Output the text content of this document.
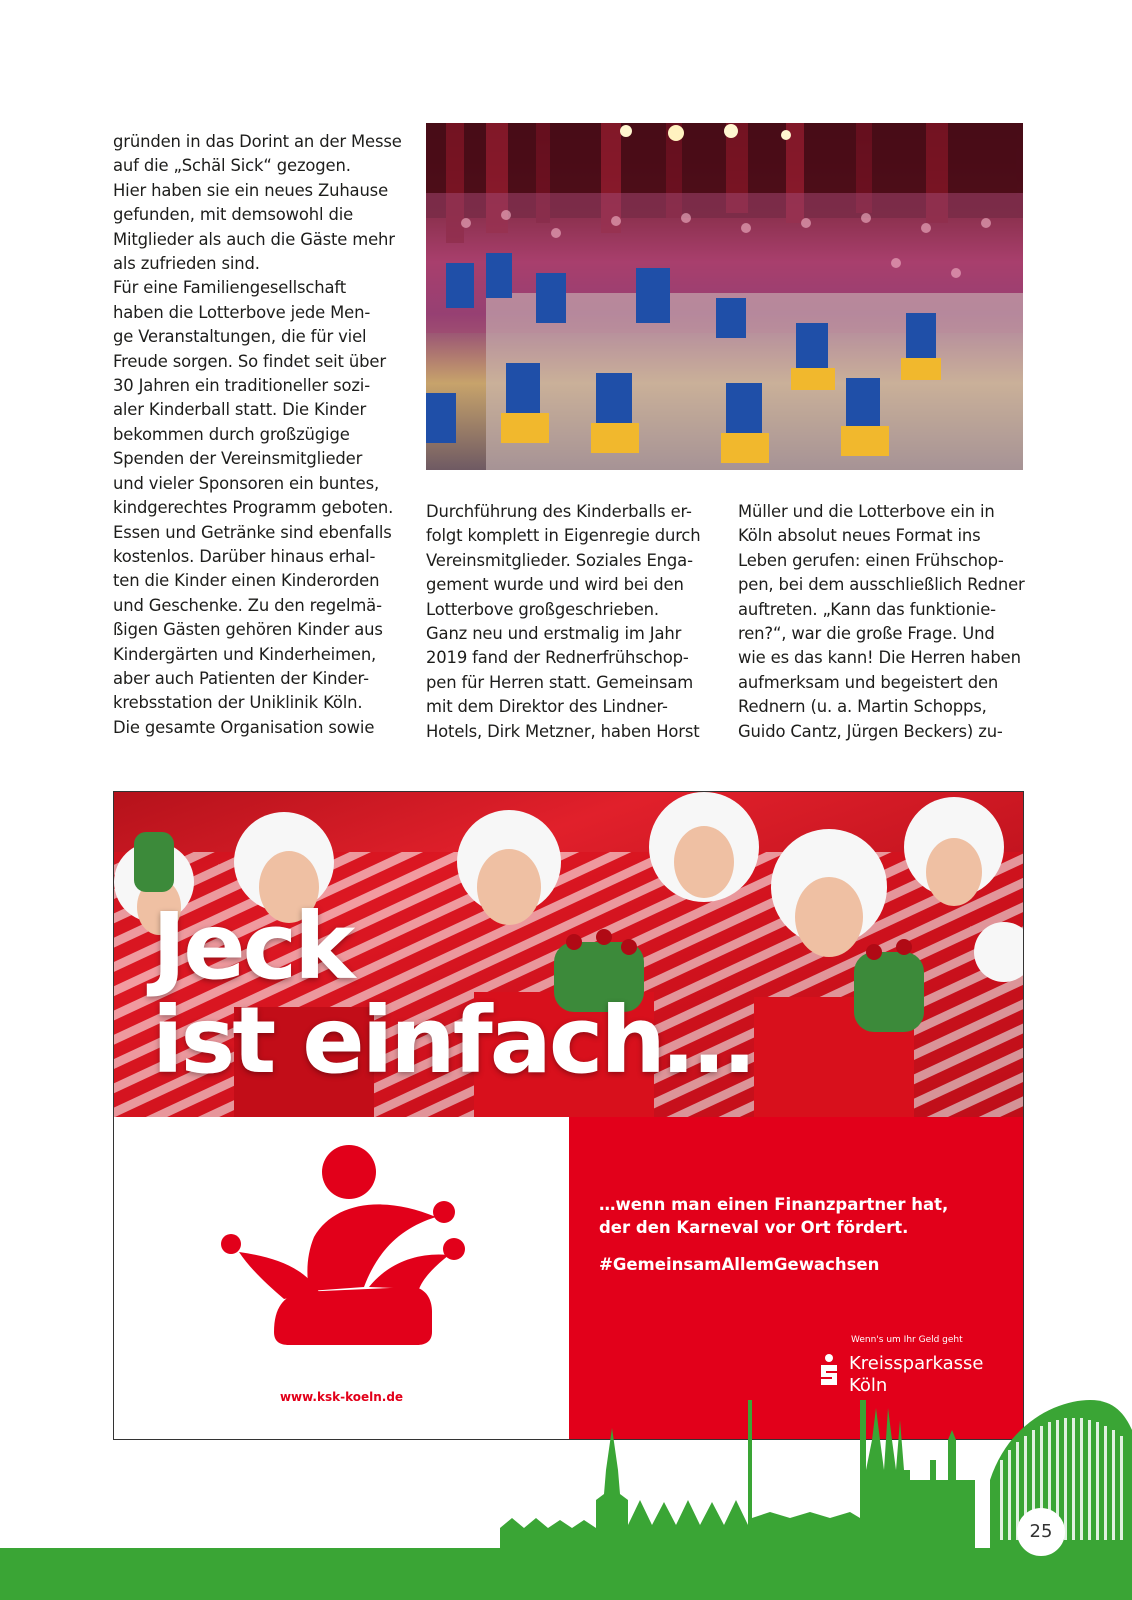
gründen in das Dorint an der Messe
auf die „Schäl Sick“ gezogen.
Hier haben sie ein neues Zuhause
gefunden, mit demsowohl die
Mitglieder als auch die Gäste mehr
als zufrieden sind.
Für eine Familiengesellschaft
haben die Lotterbove jede Men-
ge Veranstaltungen, die für viel
Freude sorgen. So findet seit über
30 Jahren ein traditioneller sozi-
aler Kinderball statt. Die Kinder
bekommen durch großzügige
Spenden der Vereinsmitglieder
und vieler Sponsoren ein buntes,
kindgerechtes Programm geboten.
Essen und Getränke sind ebenfalls
kostenlos. Darüber hinaus erhal-
ten die Kinder einen Kinderorden
und Geschenke. Zu den regelmä-
ßigen Gästen gehören Kinder aus
Kindergärten und Kinderheimen,
aber auch Patienten der Kinder-
krebsstation der Uniklinik Köln.
Die gesamte Organisation sowie
Durchführung des Kinderballs er-
folgt komplett in Eigenregie durch
Vereinsmitglieder. Soziales Enga-
gement wurde und wird bei den
Lotterbove großgeschrieben.
Ganz neu und erstmalig im Jahr
2019 fand der Rednerfrühschop-
pen für Herren statt. Gemeinsam
mit dem Direktor des Lindner-
Hotels, Dirk Metzner, haben Horst
Müller und die Lotterbove ein in
Köln absolut neues Format ins
Leben gerufen: einen Frühschop-
pen, bei dem ausschließlich Redner
auftreten. „Kann das funktionie-
ren?“, war die große Frage. Und
wie es das kann! Die Herren haben
aufmerksam und begeistert den
Rednern (u. a. Martin Schopps,
Guido Cantz, Jürgen Beckers) zu-
Jeck
ist einfach…
www.ksk-koeln.de
…wenn man einen Finanzpartner hat,
der den Karneval vor Ort fördert.
#GemeinsamAllemGewachsen
Wenn's um Ihr Geld geht
Kreissparkasse
Köln
25
